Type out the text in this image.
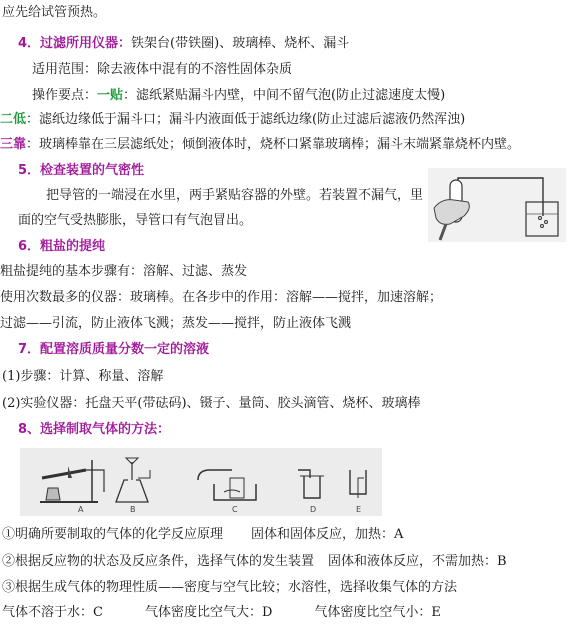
应先给试管预热。
4．过滤所用仪器：铁架台(带铁圈)、玻璃棒、烧杯、漏斗
适用范围：除去液体中混有的不溶性固体杂质
操作要点：一贴：滤纸紧贴漏斗内壁，中间不留气泡(防止过滤速度太慢)
二低：滤纸边缘低于漏斗口；漏斗内液面低于滤纸边缘(防止过滤后滤液仍然浑浊)
三靠：玻璃棒靠在三层滤纸处；倾倒液体时，烧杯口紧靠玻璃棒；漏斗末端紧靠烧杯内壁。
5．检查装置的气密性
把导管的一端浸在水里，两手紧贴容器的外壁。若装置不漏气，里
面的空气受热膨胀，导管口有气泡冒出。
6．粗盐的提纯
粗盐提纯的基本步骤有：溶解、过滤、蒸发
使用次数最多的仪器：玻璃棒。在各步中的作用：溶解——搅拌，加速溶解；
过滤——引流，防止液体飞溅；蒸发——搅拌，防止液体飞溅
7．配置溶质质量分数一定的溶液
(1)步骤：计算、称量、溶解
(2)实验仪器：托盘天平(带砝码)、镊子、量筒、胶头滴管、烧杯、玻璃棒
8、选择制取气体的方法：
A	B	C	D	E
①明确所要制取的气体的化学反应原理 固体和固体反应，加热：A
②根据反应物的状态及反应条件，选择气体的发生装置 固体和液体反应，不需加热：B
③根据生成气体的物理性质——密度与空气比较；水溶性，选择收集气体的方法
气体不溶于水：C	气体密度比空气大：D	气体密度比空气小：E
